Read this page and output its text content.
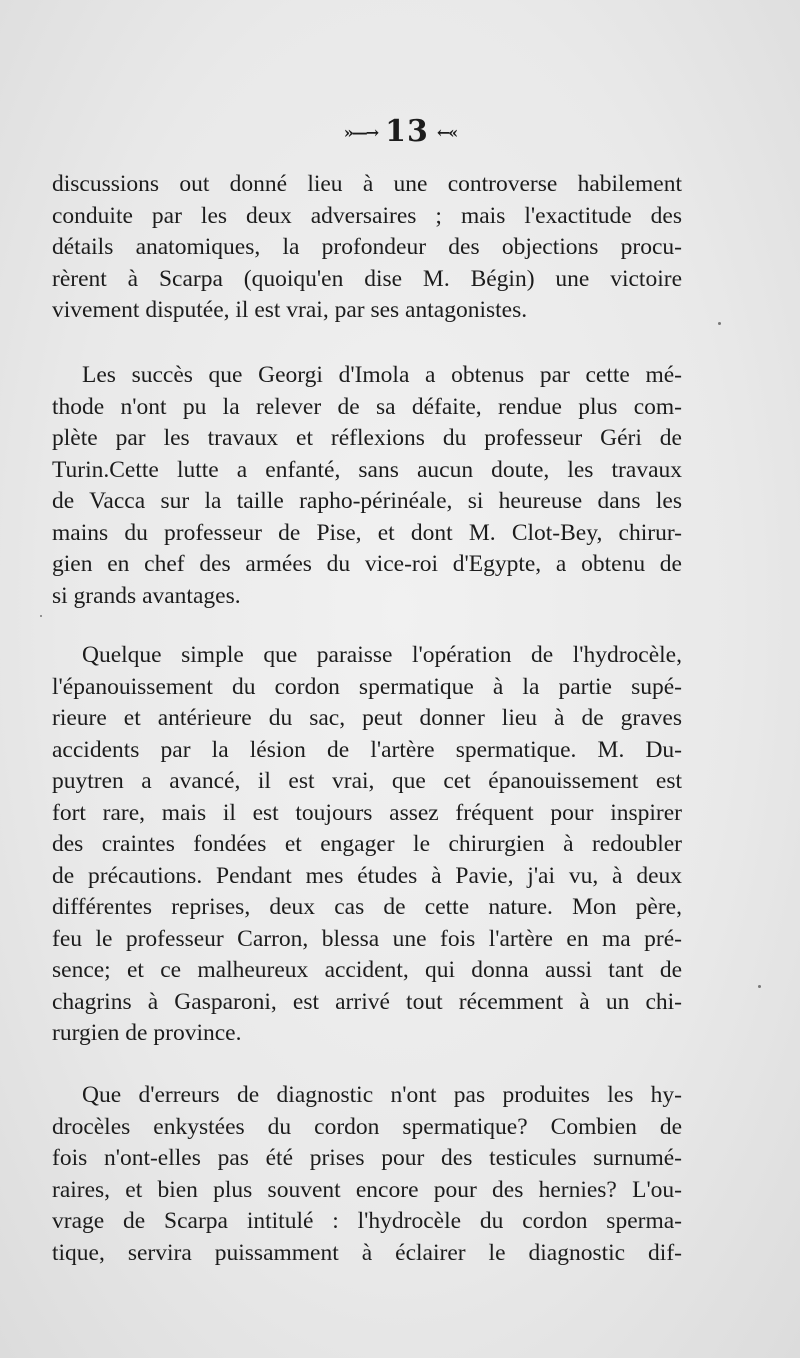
»—→ 13 ←«
discussions out donné lieu à une controverse habilement
conduite par les deux adversaires ; mais l'exactitude des
détails anatomiques, la profondeur des objections procu-
rèrent à Scarpa (quoiqu'en dise M. Bégin) une victoire
vivement disputée, il est vrai, par ses antagonistes.
Les succès que Georgi d'Imola a obtenus par cette mé-
thode n'ont pu la relever de sa défaite, rendue plus com-
plète par les travaux et réflexions du professeur Géri de
Turin.Cette lutte a enfanté, sans aucun doute, les travaux
de Vacca sur la taille rapho-périnéale, si heureuse dans les
mains du professeur de Pise, et dont M. Clot-Bey, chirur-
gien en chef des armées du vice-roi d'Egypte, a obtenu de
si grands avantages.
Quelque simple que paraisse l'opération de l'hydrocèle,
l'épanouissement du cordon spermatique à la partie supé-
rieure et antérieure du sac, peut donner lieu à de graves
accidents par la lésion de l'artère spermatique. M. Du-
puytren a avancé, il est vrai, que cet épanouissement est
fort rare, mais il est toujours assez fréquent pour inspirer
des craintes fondées et engager le chirurgien à redoubler
de précautions. Pendant mes études à Pavie, j'ai vu, à deux
différentes reprises, deux cas de cette nature. Mon père,
feu le professeur Carron, blessa une fois l'artère en ma pré-
sence; et ce malheureux accident, qui donna aussi tant de
chagrins à Gasparoni, est arrivé tout récemment à un chi-
rurgien de province.
Que d'erreurs de diagnostic n'ont pas produites les hy-
drocèles enkystées du cordon spermatique? Combien de
fois n'ont-elles pas été prises pour des testicules surnumé-
raires, et bien plus souvent encore pour des hernies? L'ou-
vrage de Scarpa intitulé : l'hydrocèle du cordon sperma-
tique, servira puissamment à éclairer le diagnostic dif-
